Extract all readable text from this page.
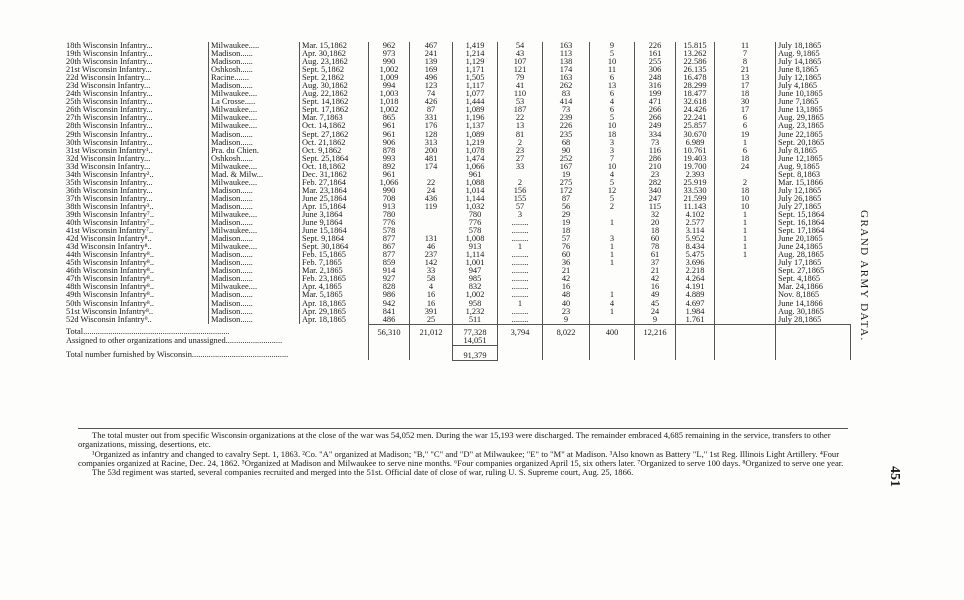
18th Wisconsin Infantry...	Milwaukee.....	Mar. 15,1862	962	467	1,419	54	163	9	226	15.815	11	July 18,1865	
19th Wisconsin Infantry...	Madison......	Apr. 30,1862	973	241	1,214	43	113	5	161	13.262	7	Aug. 9,1865	
20th Wisconsin Infantry...	Madison......	Aug. 23,1862	990	139	1,129	107	138	10	255	22.586	8	July 14,1865	
21st Wisconsin Infantry...	Oshkosh......	Sept. 5,1862	1,002	169	1,171	121	174	11	306	26.135	21	June 8,1865	
22d Wisconsin Infantry...	Racine.......	Sept. 2,1862	1,009	496	1,505	79	163	6	248	16.478	13	July 12,1865	
23d Wisconsin Infantry...	Madison......	Aug. 30,1862	994	123	1,117	41	262	13	316	28.299	17	July 4,1865	
24th Wisconsin Infantry...	Milwaukee....	Aug. 22,1862	1,003	74	1,077	110	83	6	199	18.477	18	June 10,1865	
25th Wisconsin Infantry...	La Crosse.....	Sept. 14,1862	1,018	426	1,444	53	414	4	471	32.618	30	June 7,1865	
26th Wisconsin Infantry...	Milwaukee....	Sept. 17,1862	1,002	87	1,089	187	73	6	266	24.426	17	June 13,1865	
27th Wisconsin Infantry...	Milwaukee....	Mar. 7,1863	865	331	1,196	22	239	5	266	22.241	6	Aug. 29,1865	
28th Wisconsin Infantry...	Milwaukee....	Oct. 14,1862	961	176	1,137	13	226	10	249	25.857	6	Aug. 23,1865	
29th Wisconsin Infantry...	Madison......	Sept. 27,1862	961	128	1,089	81	235	18	334	30.670	19	June 22,1865	
30th Wisconsin Infantry...	Madison......	Oct. 21,1862	906	313	1,219	2	68	3	73	6.989	1	Sept. 20,1865	
31st Wisconsin Infantry¹..	Pra. du Chien.	Oct. 9,1862	878	200	1,078	23	90	3	116	10.761	6	July 8,1865	
32d Wisconsin Infantry...	Oshkosh......	Sept. 25,1864	993	481	1,474	27	252	7	286	19.403	18	June 12,1865	
33d Wisconsin Infantry...	Milwaukee....	Oct. 18,1862	892	174	1,066	33	167	10	210	19.700	24	Aug. 9,1865	
34th Wisconsin Infantry²..	Mad. & Milw...	Dec. 31,1862	961		961		19	4	23	2.393		Sept. 8,1863	
35th Wisconsin Infantry...	Milwaukee....	Feb. 27,1864	1,066	22	1,088	2	275	5	282	25.919	2	Mar. 15,1866	
36th Wisconsin Infantry...	Madison......	Mar. 23,1864	990	24	1,014	156	172	12	340	33.530	18	July 12,1865	
37th Wisconsin Infantry...	Madison......	June 25,1864	708	436	1,144	155	87	5	247	21.599	10	July 26,1865	
38th Wisconsin Infantry³..	Madison......	Apr. 15,1864	913	119	1,032	57	56	2	115	11.143	10	July 27,1865	
39th Wisconsin Infantry⁷..	Milwaukee....	June 3,1864	780		780	3	29		32	4.102	1	Sept. 15,1864	
40th Wisconsin Infantry⁷..	Madison......	June 9,1864	776		776	........	19	1	20	2.577	1	Sept. 16,1864	
41st Wisconsin Infantry⁷..	Milwaukee....	June 15,1864	578		578	........	18		18	3.114	1	Sept. 17,1864	
42d Wisconsin Infantry⁸..	Madison......	Sept. 9,1864	877	131	1,008	........	57	3	60	5.952	1	June 20,1865	
43d Wisconsin Infantry⁸..	Milwaukee....	Sept. 30,1864	867	46	913	1	76	1	78	8.434	1	June 24,1865	
44th Wisconsin Infantry⁸..	Madison......	Feb. 15,1865	877	237	1,114	........	60	1	61	5.475	1	Aug. 28,1865	
45th Wisconsin Infantry⁸..	Madison......	Feb. 7,1865	859	142	1,001	........	36	1	37	3.696		July 17,1865	
46th Wisconsin Infantry⁸..	Madison......	Mar. 2,1865	914	33	947	........	21		21	2.218		Sept. 27,1865	
47th Wisconsin Infantry⁸..	Madison......	Feb. 23,1865	927	58	985	........	42		42	4.264		Sept. 4,1865	
48th Wisconsin Infantry⁸..	Milwaukee....	Apr. 4,1865	828	4	832	........	16		16	4.191		Mar. 24,1866	
49th Wisconsin Infantry⁸..	Madison......	Mar. 5,1865	986	16	1,002	........	48	1	49	4.889		Nov. 8,1865	
50th Wisconsin Infantry⁸..	Madison......	Apr. 18,1865	942	16	958	1	40	4	45	4.697		June 14,1866	
51st Wisconsin Infantry⁸..	Madison......	Apr. 29,1865	841	391	1,232	........	23	1	24	1.984		Aug. 30,1865	
52d Wisconsin Infantry⁹..	Madison......	Apr. 18,1865	486	25	511	........	9		9	1.761		July 28,1865	
Total......................................................................			56,310	21,012	77,328	3,794	8,022	400	12,216				
Assigned to other organizations and unassigned...........................					14,051								
Total number furnished by Wisconsin..............................................					91,379								

The total muster out from specific Wisconsin organizations at the close of the war was 54,052 men. During the war 15,193 were discharged. The remainder embraced 4,685 remaining in the service, transfers to other organizations, missing, desertions, etc.

¹Organized as infantry and changed to cavalry Sept. 1, 1863. ²Co. "A" organized at Madison; "B," "C" and "D" at Milwaukee; "E" to "M" at Madison. ³Also known as Battery "L," 1st Reg. Illinois Light Artillery. ⁴Four companies organized at Racine, Dec. 24, 1862. ⁵Organized at Madison and Milwaukee to serve nine months. ⁶Four companies organized April 15, six others later. ⁷Organized to serve 100 days. ⁸Organized to serve one year.

The 53d regiment was started, several companies recruited and merged into the 51st. Official date of close of war, ruling U. S. Supreme court, Aug. 25, 1866.

GRAND ARMY DATA.
451
